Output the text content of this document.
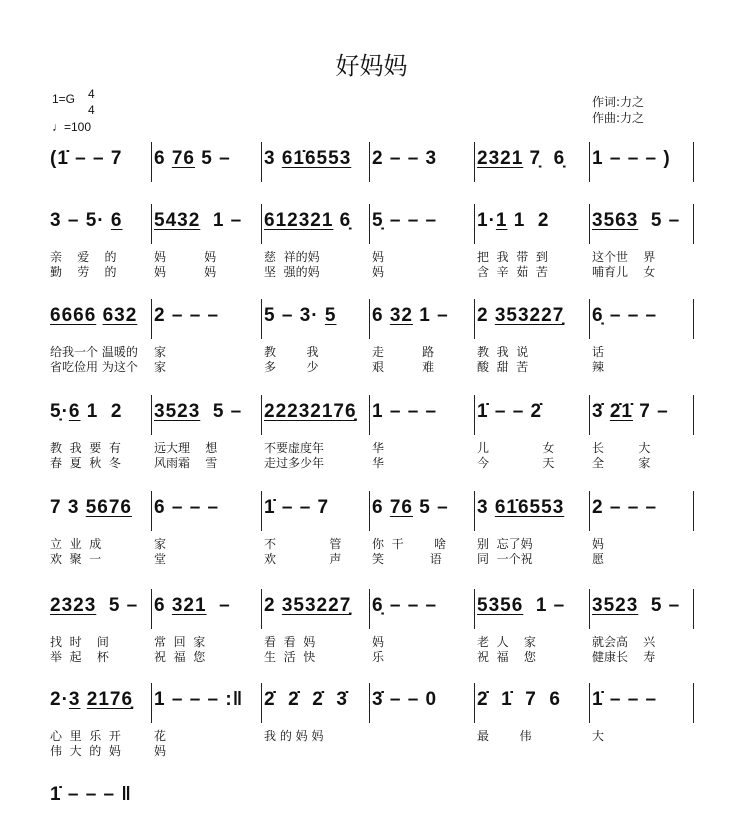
好妈妈
1=G 4
4
♩=100
作词:力之
作曲:力之
(1̇ – – 7 6 76 5 – 3 61̇6553 2 – – 3 2321 7̣  6̣ 1 – – – )
3 – 5· 6
亲    爱    的
勤    劳    的
5432  1 –
妈          妈
妈          妈
612321 6̣
慈  祥的妈
坚  强的妈
5̣ – – –
妈
妈
1·1 1  2
把  我  带  到
含  辛  茹  苦
3563  5 –
这个世    界
哺育儿    女
6666 632
给我一个 温暖的
省吃俭用 为这个
2 – – –
家
家
5 – 3· 5
教        我
多        少
6 32 1 –
走          路
艰          难
2 353227̣
教  我  说
酸  甜  苦
6̣ – – –
话
辣
5̣·6 1  2
教  我  要  有
春  夏  秋  冬
3523  5 –
远大理    想
风雨霜    雪
22232176̣̣
不要虚度年
走过多少年
1 – – –
华
华
1̇ – – 2̇
儿              女
今              天
3̇ 2̇1̇ 7 –
长         大
全         家
7 3 5676
立  业  成
欢  聚  一
6 – – –
家
堂
1̇ – – 7
不              管
欢              声
6 76 5 –
你  干        啥
笑            语
3 61̇6553
别  忘了妈
同  一个祝
2 – – –
妈
愿
2323  5 –
找  时    间
举  起    杯
6 321  –
常  回  家
祝  福  您
2 353227̣
看  看  妈
生  活  快
6̣ – – –
妈
乐
5356  1 –
老  人    家
祝  福    您
3523  5 –
就会高    兴
健康长    寿
2·3 2176̣
心  里  乐  开
伟  大  的  妈
1 – – – :‖
花
妈
2̇  2̇  2̇  3̇
我 的 妈 妈
3̇ – – 0 2̇  1̇  7  6
最        伟
1̇ – – –
大
1̇ – – – ‖
